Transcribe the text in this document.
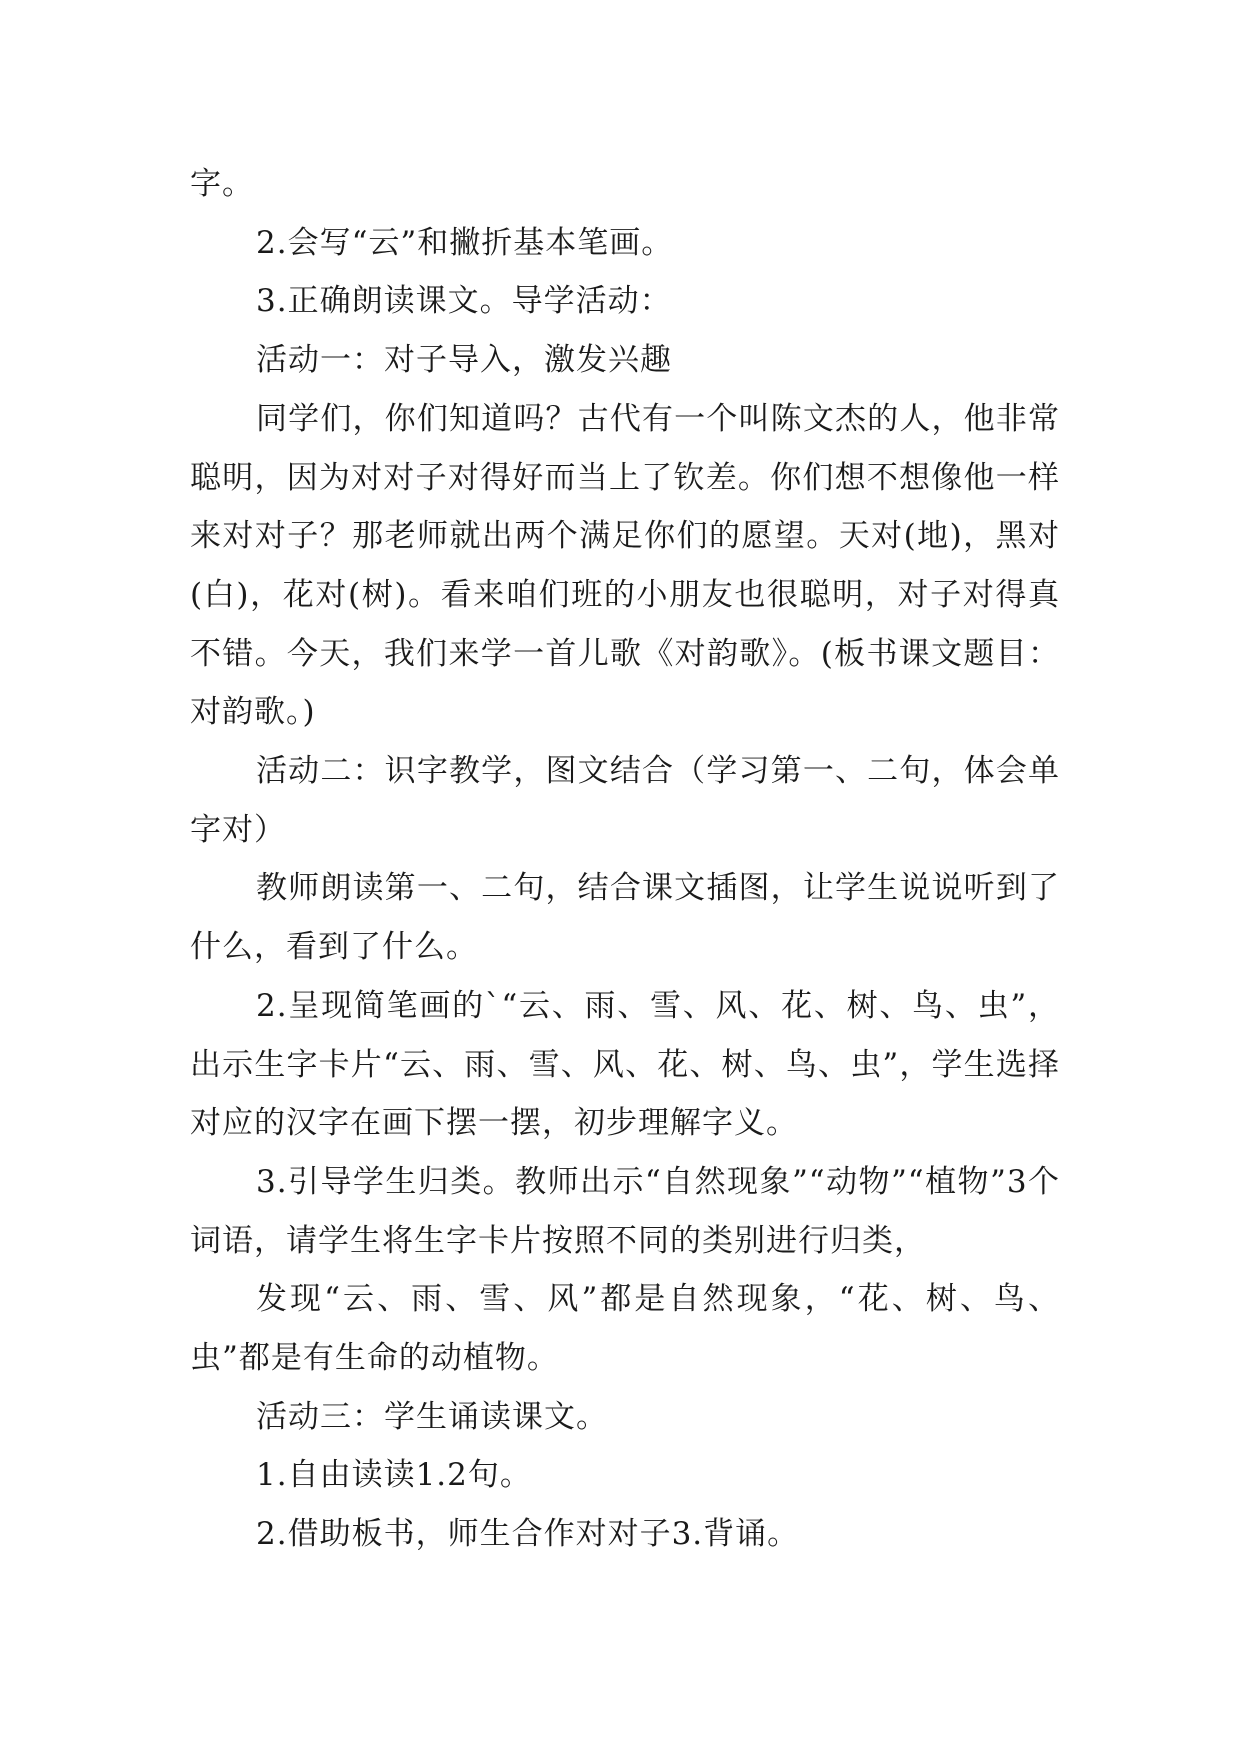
字。

2.会写“云”和撇折基本笔画。

3.正确朗读课文。导学活动：

活动一：对子导入，激发兴趣

同学们，你们知道吗？古代有一个叫陈文杰的人，他非常聪明，因为对对子对得好而当上了钦差。你们想不想像他一样来对对子？那老师就出两个满足你们的愿望。天对(地)，黑对(白)，花对(树)。看来咱们班的小朋友也很聪明，对子对得真不错。今天，我们来学一首儿歌《对韵歌》。(板书课文题目：对韵歌。)

活动二：识字教学，图文结合（学习第一、二句，体会单字对）

教师朗读第一、二句，结合课文插图，让学生说说听到了什么，看到了什么。

2.呈现简笔画的`“云、雨、雪、风、花、树、鸟、虫”，出示生字卡片“云、雨、雪、风、花、树、鸟、虫”，学生选择对应的汉字在画下摆一摆，初步理解字义。

3.引导学生归类。教师出示“自然现象”“动物”“植物”3个词语，请学生将生字卡片按照不同的类别进行归类，

发现“云、雨、雪、风”都是自然现象，“花、树、鸟、虫”都是有生命的动植物。

活动三：学生诵读课文。

1.自由读读1.2句。

2.借助板书，师生合作对对子3.背诵。
